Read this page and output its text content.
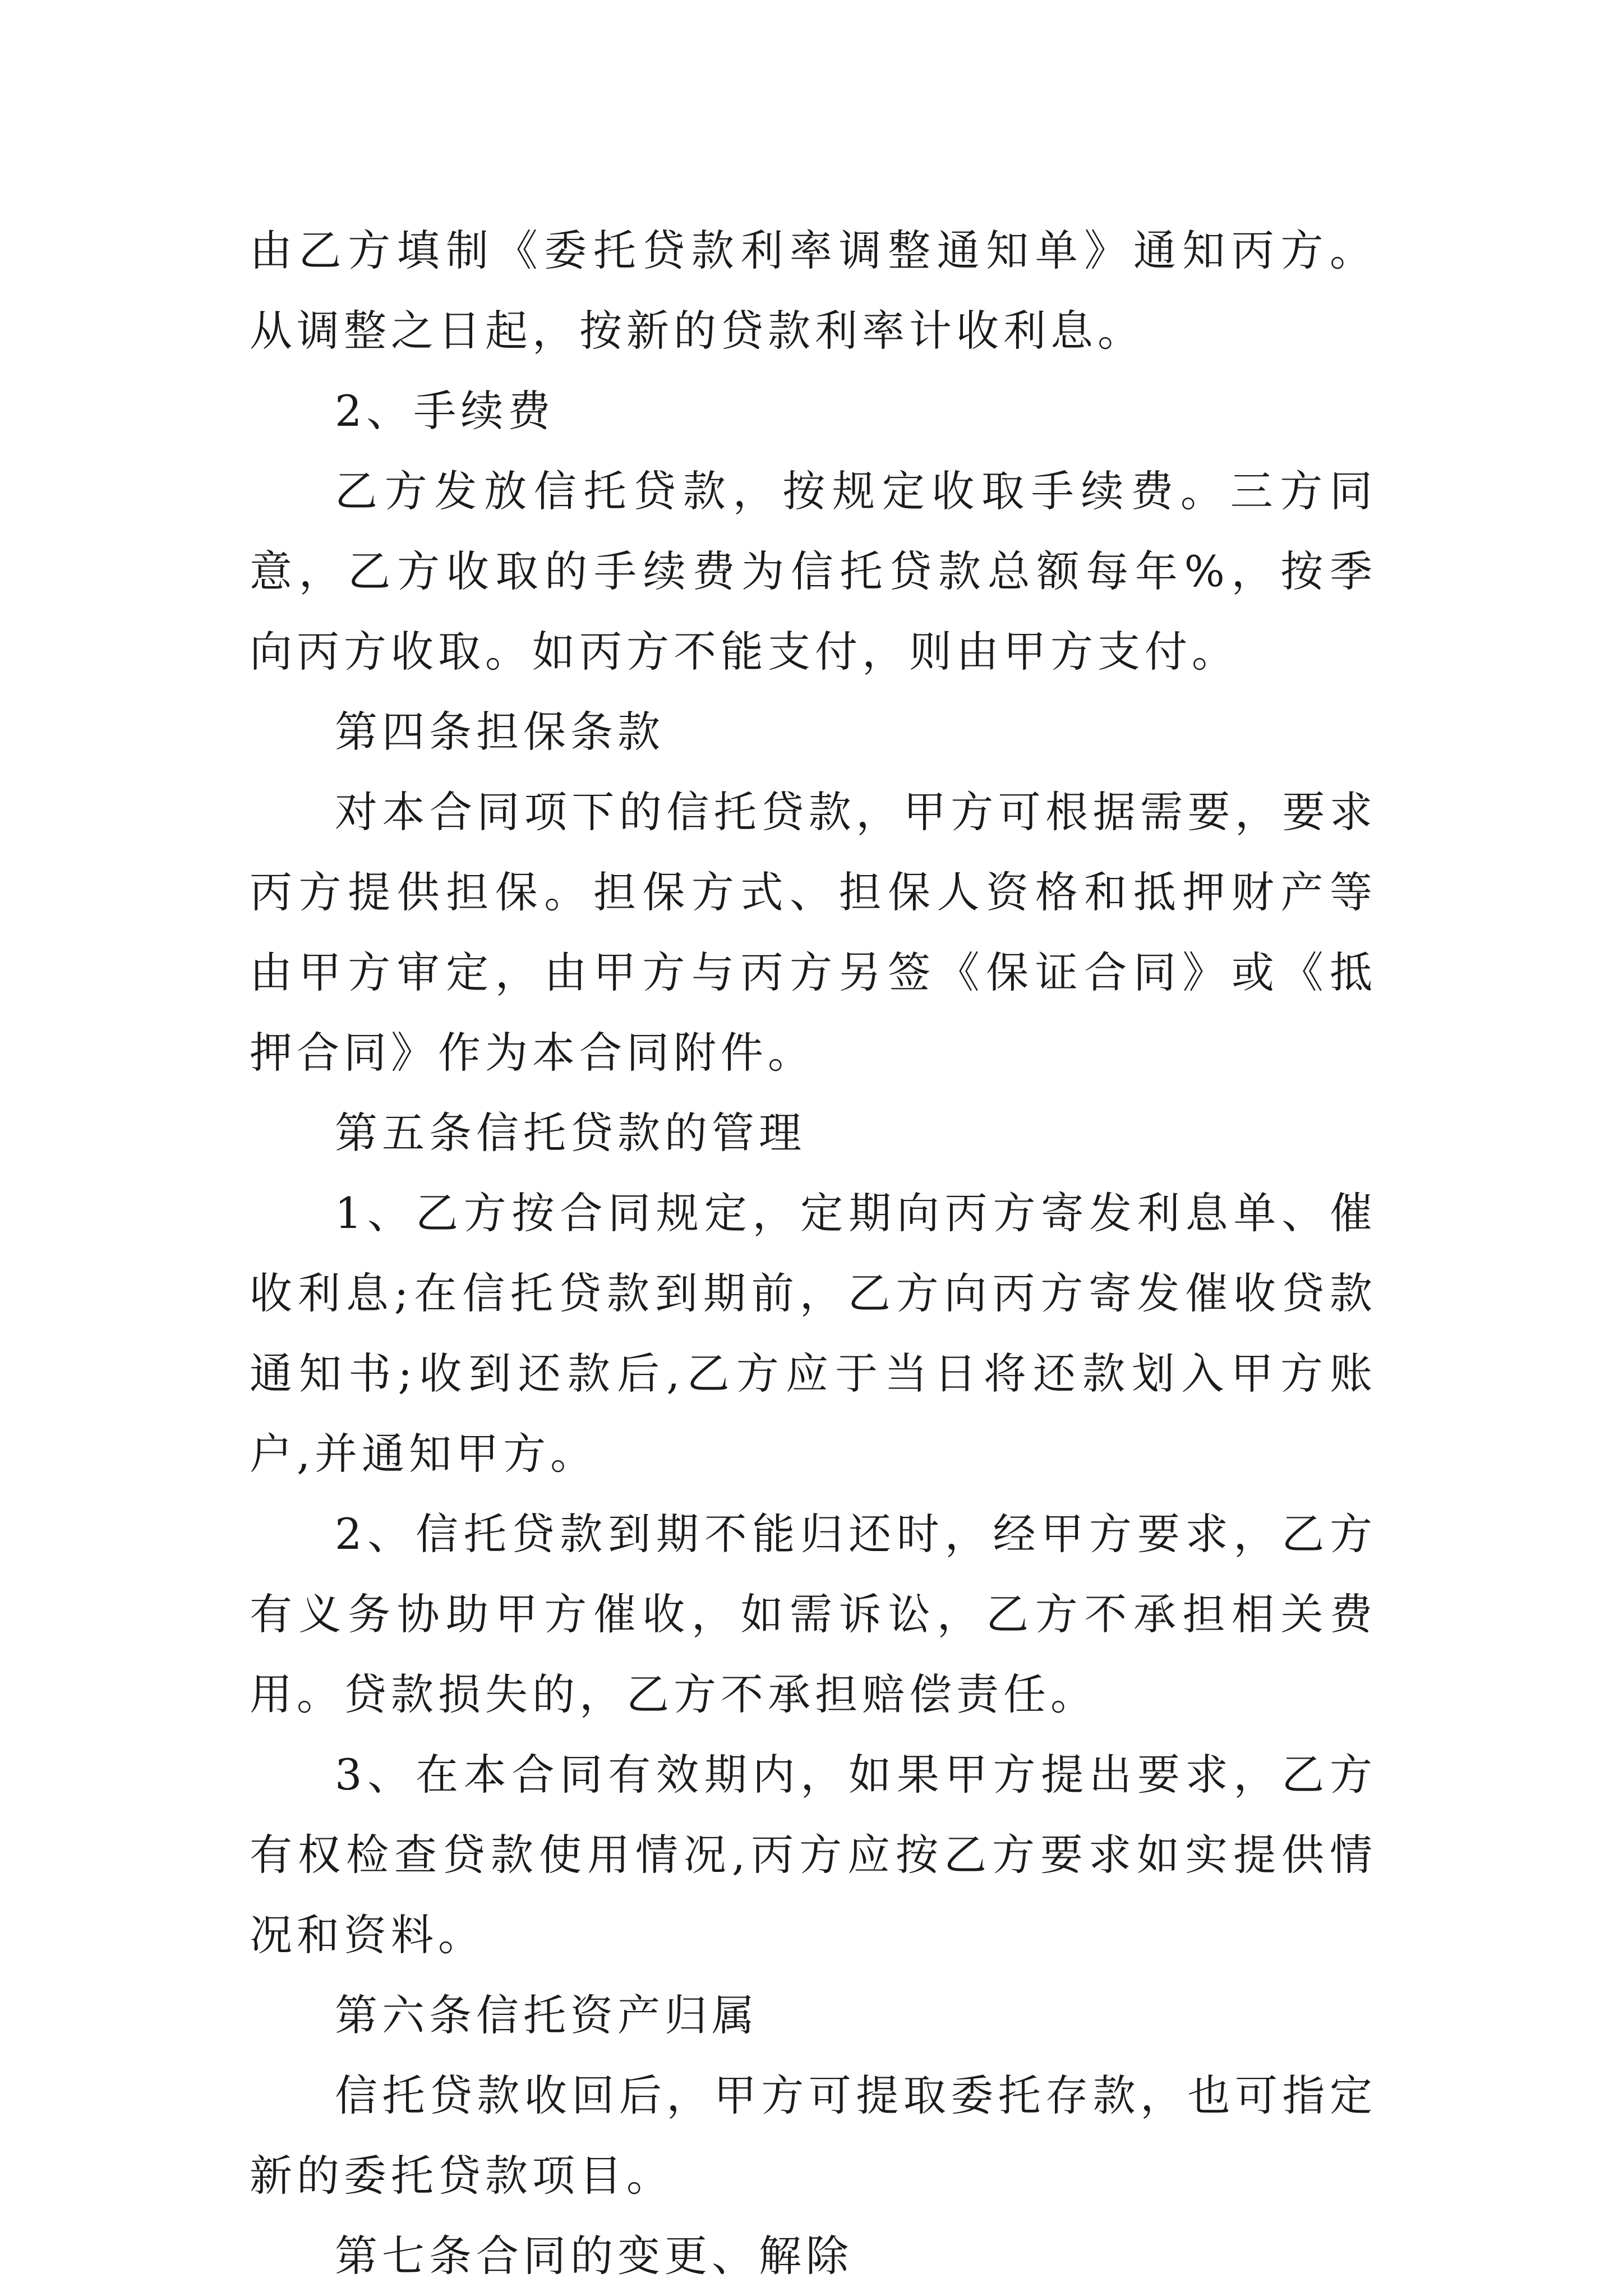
由乙方填制《委托贷款利率调整通知单》通知丙方。从调整之日起，按新的贷款利率计收利息。

2、手续费

乙方发放信托贷款，按规定收取手续费。三方同意，乙方收取的手续费为信托贷款总额每年%，按季向丙方收取。如丙方不能支付，则由甲方支付。

第四条担保条款

对本合同项下的信托贷款，甲方可根据需要，要求丙方提供担保。担保方式、担保人资格和抵押财产等由甲方审定，由甲方与丙方另签《保证合同》或《抵押合同》作为本合同附件。

第五条信托贷款的管理

1、乙方按合同规定，定期向丙方寄发利息单、催收利息;在信托贷款到期前，乙方向丙方寄发催收贷款通知书;收到还款后,乙方应于当日将还款划入甲方账户,并通知甲方。

2、信托贷款到期不能归还时，经甲方要求，乙方有义务协助甲方催收，如需诉讼，乙方不承担相关费用。贷款损失的，乙方不承担赔偿责任。

3、在本合同有效期内，如果甲方提出要求，乙方有权检查贷款使用情况,丙方应按乙方要求如实提供情况和资料。

第六条信托资产归属

信托贷款收回后，甲方可提取委托存款，也可指定新的委托贷款项目。

第七条合同的变更、解除
